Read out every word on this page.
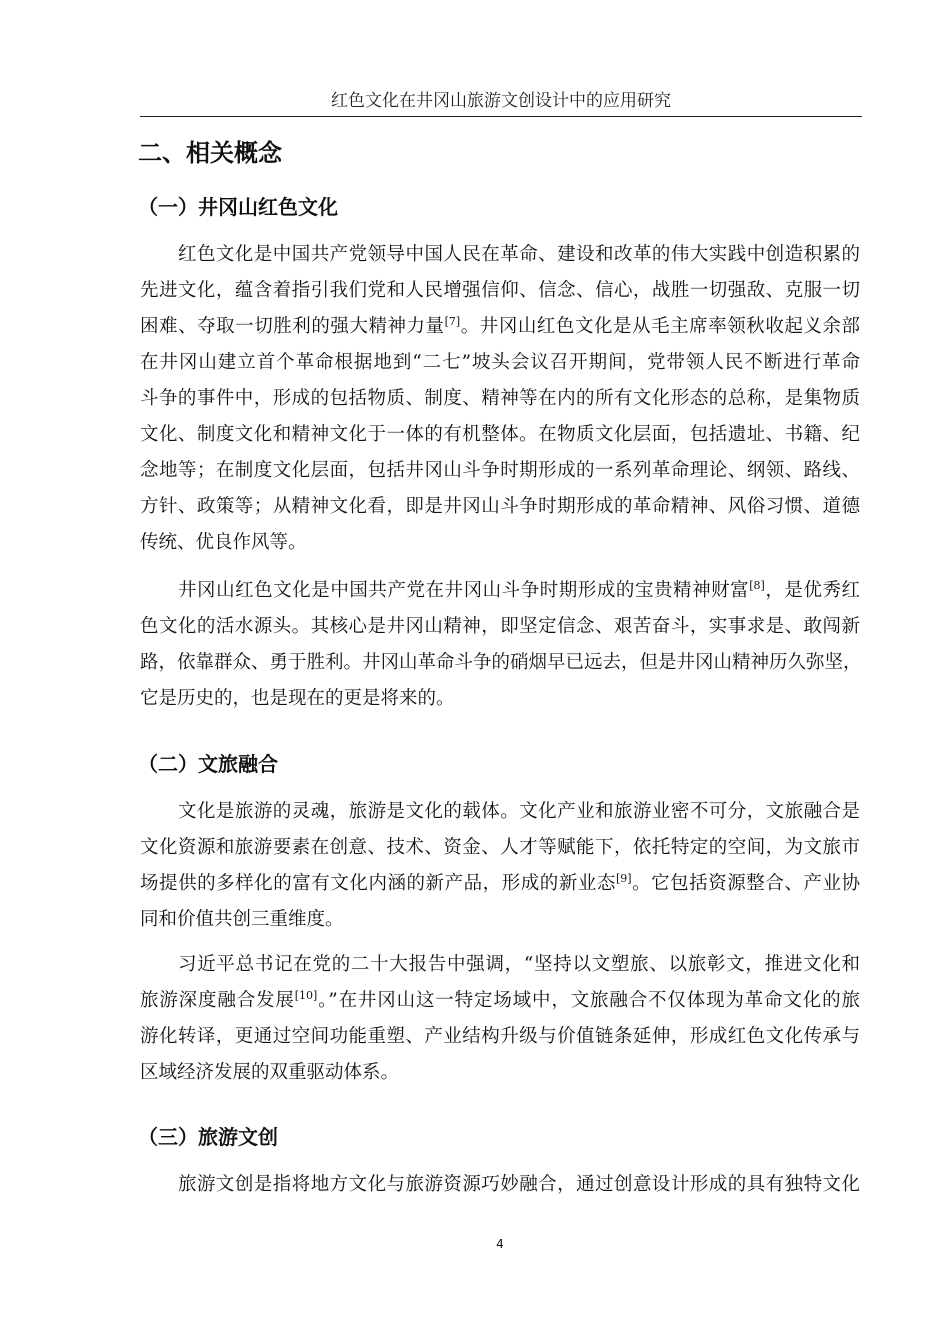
红色文化在井冈山旅游文创设计中的应用研究
二、相关概念
（一）井冈山红色文化
红色文化是中国共产党领导中国人民在革命、建设和改革的伟大实践中创造积累的
先进文化，蕴含着指引我们党和人民增强信仰、信念、信心，战胜一切强敌、克服一切
困难、夺取一切胜利的强大精神力量[7]。井冈山红色文化是从毛主席率领秋收起义余部
在井冈山建立首个革命根据地到“二七”坡头会议召开期间，党带领人民不断进行革命
斗争的事件中，形成的包括物质、制度、精神等在内的所有文化形态的总称，是集物质
文化、制度文化和精神文化于一体的有机整体。在物质文化层面，包括遗址、书籍、纪
念地等；在制度文化层面，包括井冈山斗争时期形成的一系列革命理论、纲领、路线、
方针、政策等；从精神文化看，即是井冈山斗争时期形成的革命精神、风俗习惯、道德
传统、优良作风等。
井冈山红色文化是中国共产党在井冈山斗争时期形成的宝贵精神财富[8]，是优秀红
色文化的活水源头。其核心是井冈山精神，即坚定信念、艰苦奋斗，实事求是、敢闯新
路，依靠群众、勇于胜利。井冈山革命斗争的硝烟早已远去，但是井冈山精神历久弥坚，
它是历史的，也是现在的更是将来的。
（二）文旅融合
文化是旅游的灵魂，旅游是文化的载体。文化产业和旅游业密不可分，文旅融合是
文化资源和旅游要素在创意、技术、资金、人才等赋能下，依托特定的空间，为文旅市
场提供的多样化的富有文化内涵的新产品，形成的新业态[9]。它包括资源整合、产业协
同和价值共创三重维度。
习近平总书记在党的二十大报告中强调，“坚持以文塑旅、以旅彰文，推进文化和
旅游深度融合发展[10]。”在井冈山这一特定场域中，文旅融合不仅体现为革命文化的旅
游化转译，更通过空间功能重塑、产业结构升级与价值链条延伸，形成红色文化传承与
区域经济发展的双重驱动体系。
（三）旅游文创
旅游文创是指将地方文化与旅游资源巧妙融合，通过创意设计形成的具有独特文化
4
